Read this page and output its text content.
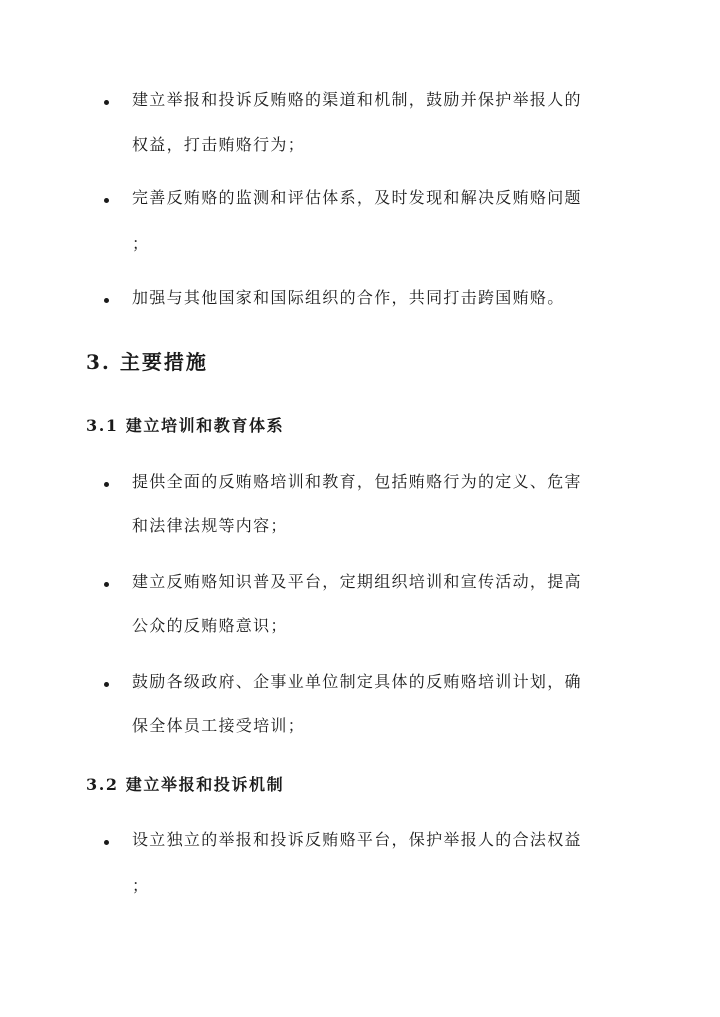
建立举报和投诉反贿赂的渠道和机制，鼓励并保护举报人的
权益，打击贿赂行为；
完善反贿赂的监测和评估体系，及时发现和解决反贿赂问题
；
加强与其他国家和国际组织的合作，共同打击跨国贿赂。
3. 主要措施
3.1 建立培训和教育体系
提供全面的反贿赂培训和教育，包括贿赂行为的定义、危害
和法律法规等内容；
建立反贿赂知识普及平台，定期组织培训和宣传活动，提高
公众的反贿赂意识；
鼓励各级政府、企事业单位制定具体的反贿赂培训计划，确
保全体员工接受培训；
3.2 建立举报和投诉机制
设立独立的举报和投诉反贿赂平台，保护举报人的合法权益
；
